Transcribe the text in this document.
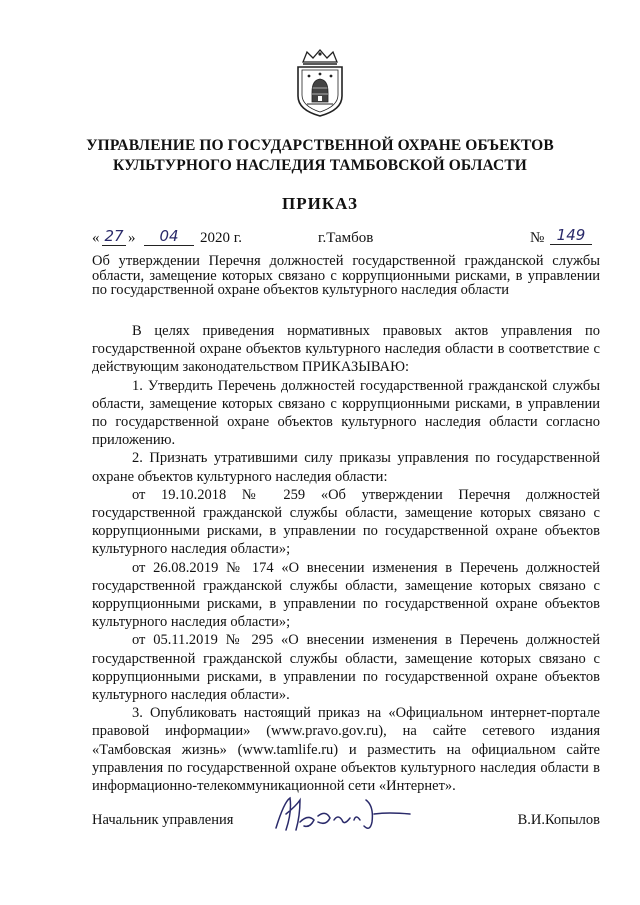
УПРАВЛЕНИЕ ПО ГОСУДАРСТВЕННОЙ ОХРАНЕ ОБЪЕКТОВ
КУЛЬТУРНОГО НАСЛЕДИЯ ТАМБОВСКОЙ ОБЛАСТИ
ПРИКАЗ
« 27 »	04	2020 г.	г.Тамбов	№ 149
Об утверждении Перечня должностей государственной гражданской службы области, замещение которых связано с коррупционными рисками, в управлении по государственной охране объектов культурного наследия области

В целях приведения нормативных правовых актов управления по государственной охране объектов культурного наследия области в соответствие с действующим законодательством ПРИКАЗЫВАЮ:

1. Утвердить Перечень должностей государственной гражданской службы области, замещение которых связано с коррупционными рисками, в управлении по государственной охране объектов культурного наследия области согласно приложению.

2. Признать утратившими силу приказы управления по государственной охране объектов культурного наследия области:

от 19.10.2018 № 259 «Об утверждении Перечня должностей государственной гражданской службы области, замещение которых связано с коррупционными рисками, в управлении по государственной охране объектов культурного наследия области»;

от 26.08.2019 № 174 «О внесении изменения в Перечень должностей государственной гражданской службы области, замещение которых связано с коррупционными рисками, в управлении по государственной охране объектов культурного наследия области»;

от 05.11.2019 № 295 «О внесении изменения в Перечень должностей государственной гражданской службы области, замещение которых связано с коррупционными рисками, в управлении по государственной охране объектов культурного наследия области».

3. Опубликовать настоящий приказ на «Официальном интернет-портале правовой информации» (www.pravo.gov.ru), на сайте сетевого издания «Тамбовская жизнь» (www.tamlife.ru) и разместить на официальном сайте управления по государственной охране объектов культурного наследия области в информационно-телекоммуникационной сети «Интернет».

Начальник управления	В.И.Копылов
